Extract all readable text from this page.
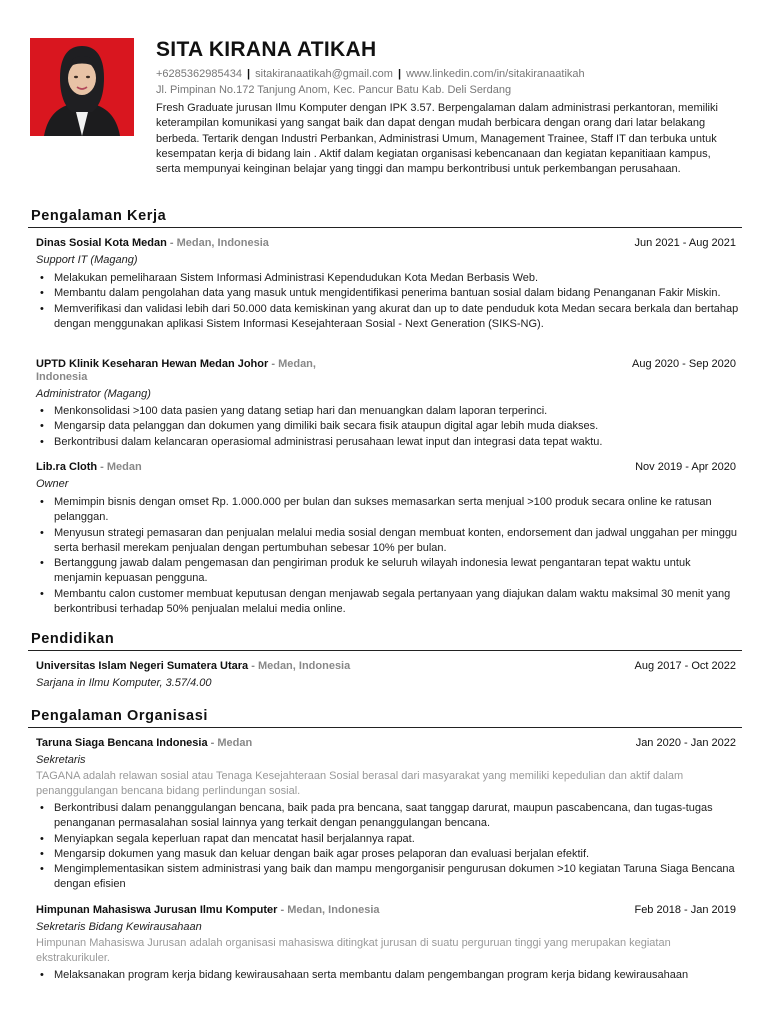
SITA KIRANA ATIKAH
+6285362985434 | sitakiranaatikah@gmail.com | www.linkedin.com/in/sitakiranaatikah
Jl. Pimpinan No.172 Tanjung Anom, Kec. Pancur Batu Kab. Deli Serdang
Fresh Graduate jurusan Ilmu Komputer dengan IPK 3.57. Berpengalaman dalam administrasi perkantoran, memiliki keterampilan komunikasi yang sangat baik dan dapat dengan mudah berbicara dengan orang dari latar belakang berbeda. Tertarik dengan Industri Perbankan, Administrasi Umum, Management Trainee, Staff IT dan terbuka untuk kesempatan kerja di bidang lain . Aktif dalam kegiatan organisasi kebencanaan dan kegiatan kepanitiaan kampus, serta mempunyai keinginan belajar yang tinggi dan mampu berkontribusi untuk perkembangan perusahaan.
Pengalaman Kerja
Dinas Sosial Kota Medan - Medan, Indonesia	Jun 2021 - Aug 2021
Support IT (Magang)
• Melakukan pemeliharaan Sistem Informasi Administrasi Kependudukan Kota Medan Berbasis Web.
• Membantu dalam pengolahan data yang masuk untuk mengidentifikasi penerima bantuan sosial dalam bidang Penanganan Fakir Miskin.
• Memverifikasi dan validasi lebih dari 50.000 data kemiskinan yang akurat dan up to date penduduk kota Medan secara berkala dan bertahap dengan menggunakan aplikasi Sistem Informasi Kesejahteraan Sosial - Next Generation (SIKS-NG).
UPTD Klinik Keseharan Hewan Medan Johor - Medan,	Aug 2020 - Sep 2020
Indonesia
Administrator (Magang)
• Menkonsolidasi >100 data pasien yang datang setiap hari dan menuangkan dalam laporan terperinci.
• Mengarsip data pelanggan dan dokumen yang dimiliki baik secara fisik ataupun digital agar lebih muda diakses.
• Berkontribusi dalam kelancaran operasiomal administrasi perusahaan lewat input dan integrasi data tepat waktu.
Lib.ra Cloth - Medan	Nov 2019 - Apr 2020
Owner
• Memimpin bisnis dengan omset Rp. 1.000.000 per bulan dan sukses memasarkan serta menjual >100 produk secara online ke ratusan pelanggan.
• Menyusun strategi pemasaran dan penjualan melalui media sosial dengan membuat konten, endorsement dan jadwal unggahan per minggu serta berhasil merekam penjualan dengan pertumbuhan sebesar 10% per bulan.
• Bertanggung jawab dalam pengemasan dan pengiriman produk ke seluruh wilayah indonesia lewat pengantaran tepat waktu untuk menjamin kepuasan pengguna.
• Membantu calon customer membuat keputusan dengan menjawab segala pertanyaan yang diajukan dalam waktu maksimal 30 menit yang berkontribusi terhadap 50% penjualan melalui media online.
Pendidikan
Universitas Islam Negeri Sumatera Utara - Medan, Indonesia	Aug 2017 - Oct 2022
Sarjana in Ilmu Komputer, 3.57/4.00
Pengalaman Organisasi
Taruna Siaga Bencana Indonesia - Medan	Jan 2020 - Jan 2022
Sekretaris
TAGANA adalah relawan sosial atau Tenaga Kesejahteraan Sosial berasal dari masyarakat yang memiliki kepedulian dan aktif dalam penanggulangan bencana bidang perlindungan sosial.
• Berkontribusi dalam penanggulangan bencana, baik pada pra bencana, saat tanggap darurat, maupun pascabencana, dan tugas-tugas penanganan permasalahan sosial lainnya yang terkait dengan penanggulangan bencana.
• Menyiapkan segala keperluan rapat dan mencatat hasil berjalannya rapat.
• Mengarsip dokumen yang masuk dan keluar dengan baik agar proses pelaporan dan evaluasi berjalan efektif.
• Mengimplementasikan sistem administrasi yang baik dan mampu mengorganisir pengurusan dokumen >10 kegiatan Taruna Siaga Bencana dengan efisien
Himpunan Mahasiswa Jurusan Ilmu Komputer - Medan, Indonesia	Feb 2018 - Jan 2019
Sekretaris Bidang Kewirausahaan
Himpunan Mahasiswa Jurusan adalah organisasi mahasiswa ditingkat jurusan di suatu perguruan tinggi yang merupakan kegiatan ekstrakurikuler.
• Melaksanakan program kerja bidang kewirausahaan serta membantu dalam pengembangan program kerja bidang kewirausahaan
